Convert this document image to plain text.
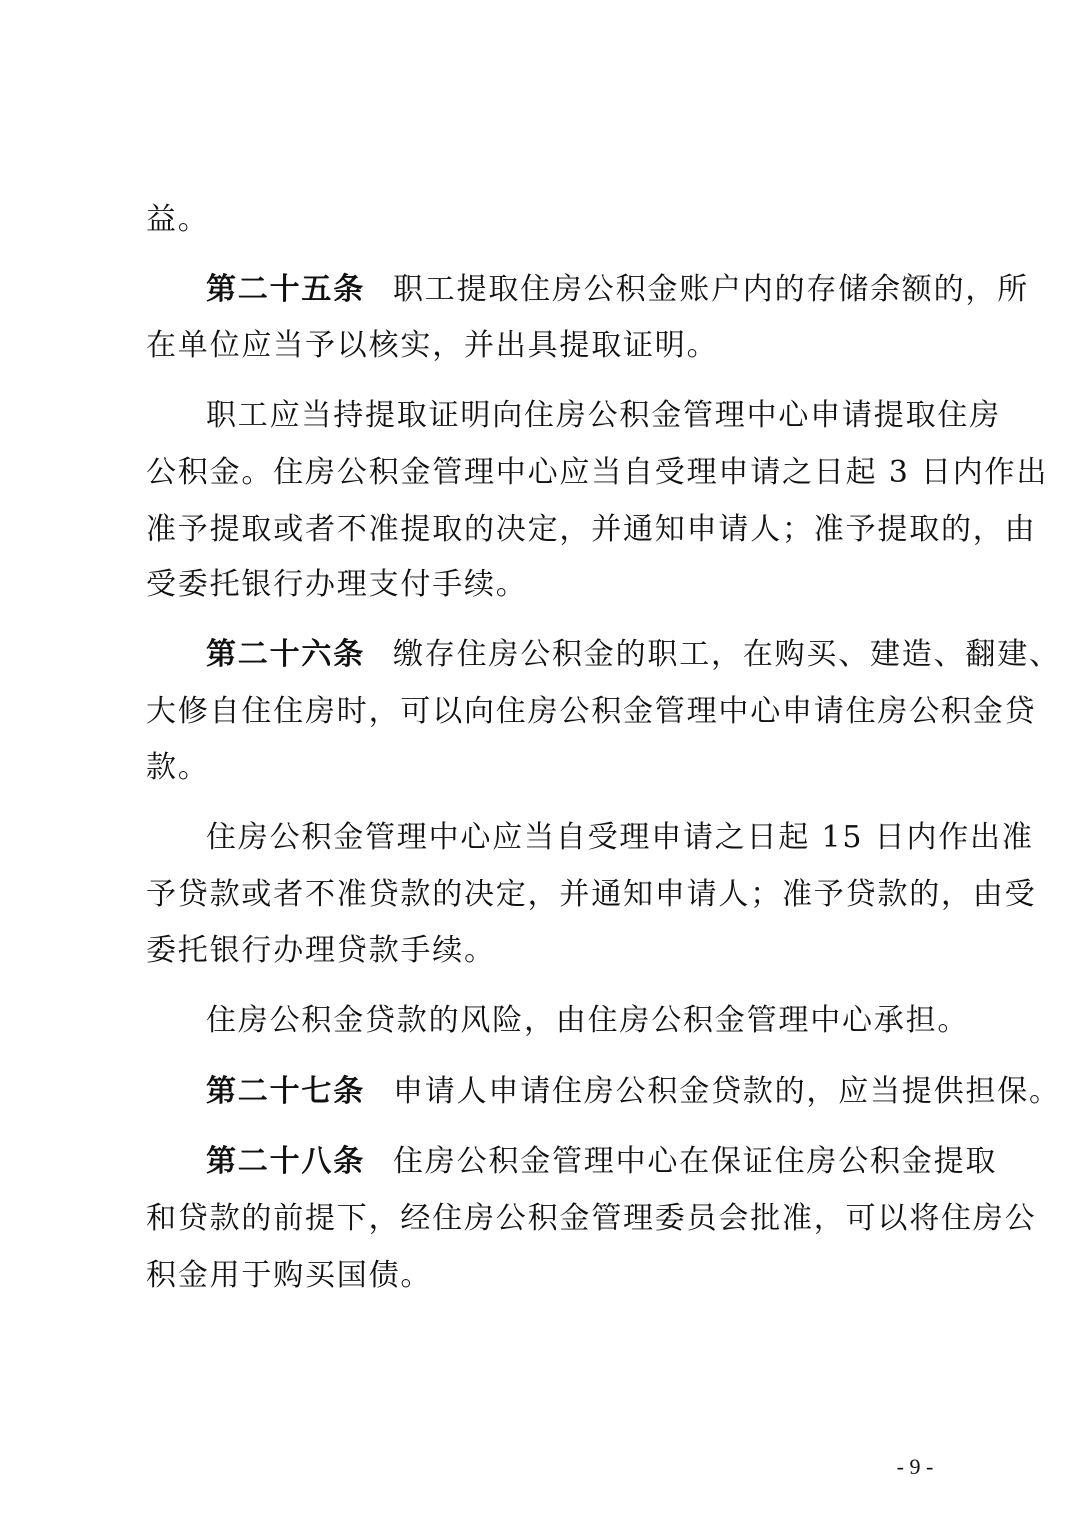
益。
第二十五条 职工提取住房公积金账户内的存储余额的，所
在单位应当予以核实，并出具提取证明。
职工应当持提取证明向住房公积金管理中心申请提取住房
公积金。住房公积金管理中心应当自受理申请之日起 3 日内作出
准予提取或者不准提取的决定，并通知申请人；准予提取的，由
受委托银行办理支付手续。
第二十六条 缴存住房公积金的职工，在购买、建造、翻建、
大修自住住房时，可以向住房公积金管理中心申请住房公积金贷
款。
住房公积金管理中心应当自受理申请之日起 15 日内作出准
予贷款或者不准贷款的决定，并通知申请人；准予贷款的，由受
委托银行办理贷款手续。
住房公积金贷款的风险，由住房公积金管理中心承担。
第二十七条 申请人申请住房公积金贷款的，应当提供担保。
第二十八条 住房公积金管理中心在保证住房公积金提取
和贷款的前提下，经住房公积金管理委员会批准，可以将住房公
积金用于购买国债。
- 9 -
